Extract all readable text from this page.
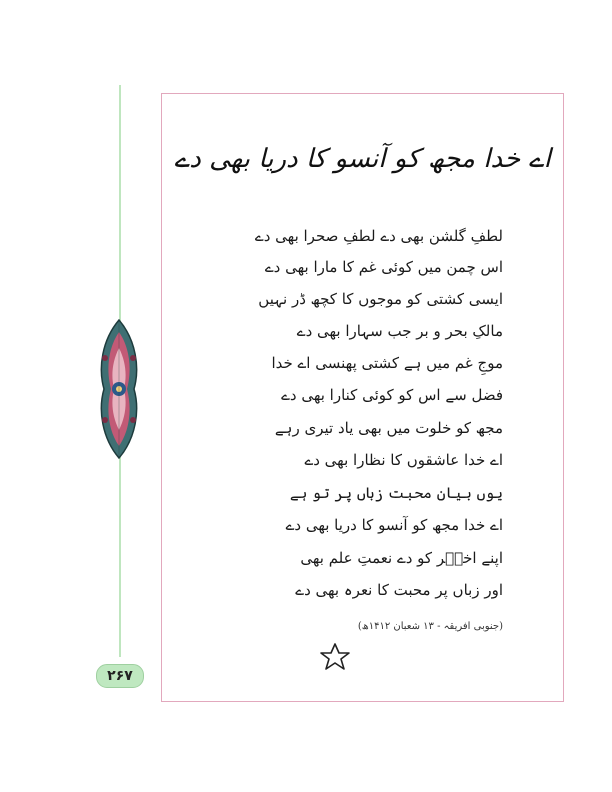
اے خدا مجھ کو آنسو کا دریا بھی دے
لطفِ گلشن بھی دے لطفِ صحرا بھی دے
اس چمن میں کوئی غم کا مارا بھی دے
ایسی کشتی کو موجوں کا کچھ ڈر نہیں
مالکِ بحر و بر جب سہارا بھی دے
موجِ غم میں ہے کشتی پھنسی اے خدا
فضل سے اس کو کوئی کنارا بھی دے
مجھ کو خلوت میں بھی یاد تیری رہے
اے خدا عاشقوں کا نظارا بھی دے
یوں بیانِ محبت زباں پر تو ہے
اے خدا مجھ کو آنسو کا دریا بھی دے
اپنے اختؔر کو دے نعمتِ علم بھی
اور زباں پر محبت کا نعرہ بھی دے
(جنوبی افریقہ - ۱۳ شعبان ۱۴۱۲ھ)
۲۶۷
